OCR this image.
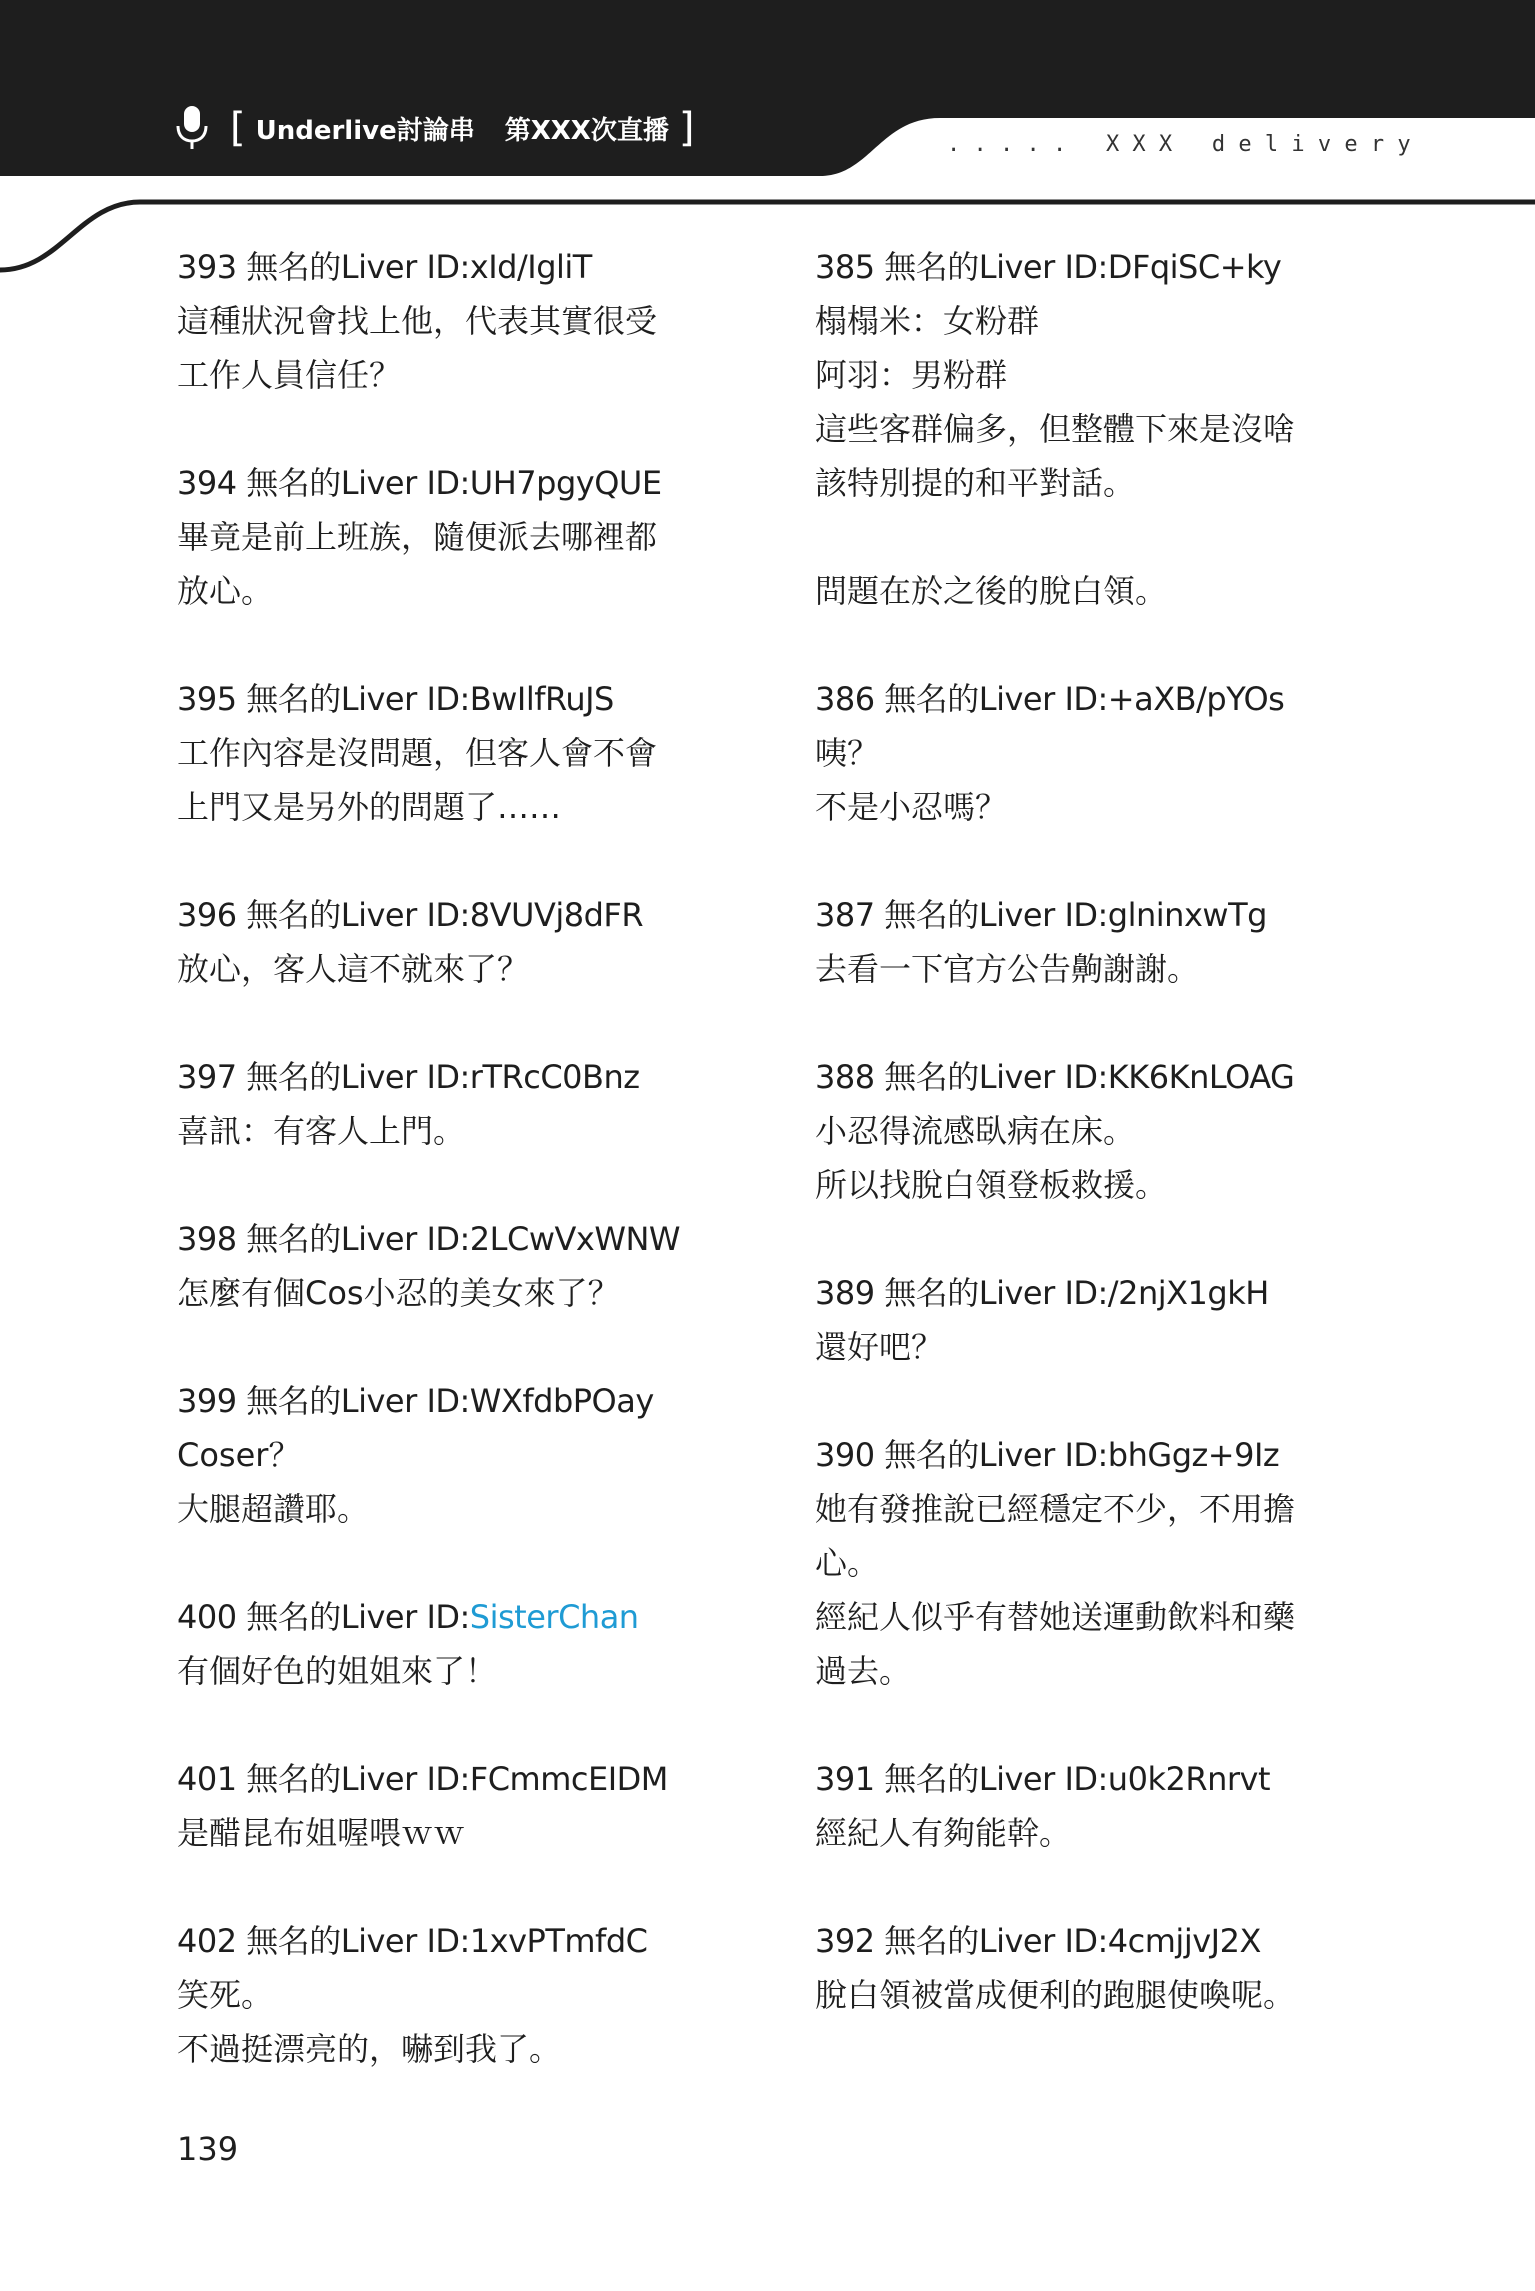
[ Underlive討論串 第XXX次直播 ]	. . . . .   X X X   d e l i v e r y
393 無名的Liver ID:xId/IgliT
這種狀況會找上他，代表其實很受
工作人員信任？
394 無名的Liver ID:UH7pgyQUE
畢竟是前上班族，隨便派去哪裡都
放心。
395 無名的Liver ID:BwIlfRuJS
工作內容是沒問題，但客人會不會
上門又是另外的問題了……
396 無名的Liver ID:8VUVj8dFR
放心，客人這不就來了？
397 無名的Liver ID:rTRcC0Bnz
喜訊：有客人上門。
398 無名的Liver ID:2LCwVxWNW
怎麼有個Cos小忍的美女來了？
399 無名的Liver ID:WXfdbPOay
Coser？
大腿超讚耶。
400 無名的Liver ID:SisterChan
有個好色的姐姐來了！
401 無名的Liver ID:FCmmcEIDM
是醋昆布姐喔喂ｗｗ
402 無名的Liver ID:1xvPTmfdC
笑死。
不過挺漂亮的，嚇到我了。
385 無名的Liver ID:DFqiSC+ky
榻榻米：女粉群
阿羽：男粉群
這些客群偏多，但整體下來是沒啥
該特別提的和平對話。
問題在於之後的脫白領。
386 無名的Liver ID:+aXB/pYOs
咦？
不是小忍嗎？
387 無名的Liver ID:glninxwTg
去看一下官方公告齁謝謝。
388 無名的Liver ID:KK6KnLOAG
小忍得流感臥病在床。
所以找脫白領登板救援。
389 無名的Liver ID:/2njX1gkH
還好吧？
390 無名的Liver ID:bhGgz+9Iz
她有發推說已經穩定不少，不用擔
心。
經紀人似乎有替她送運動飲料和藥
過去。
391 無名的Liver ID:u0k2Rnrvt
經紀人有夠能幹。
392 無名的Liver ID:4cmjjvJ2X
脫白領被當成便利的跑腿使喚呢。
139
